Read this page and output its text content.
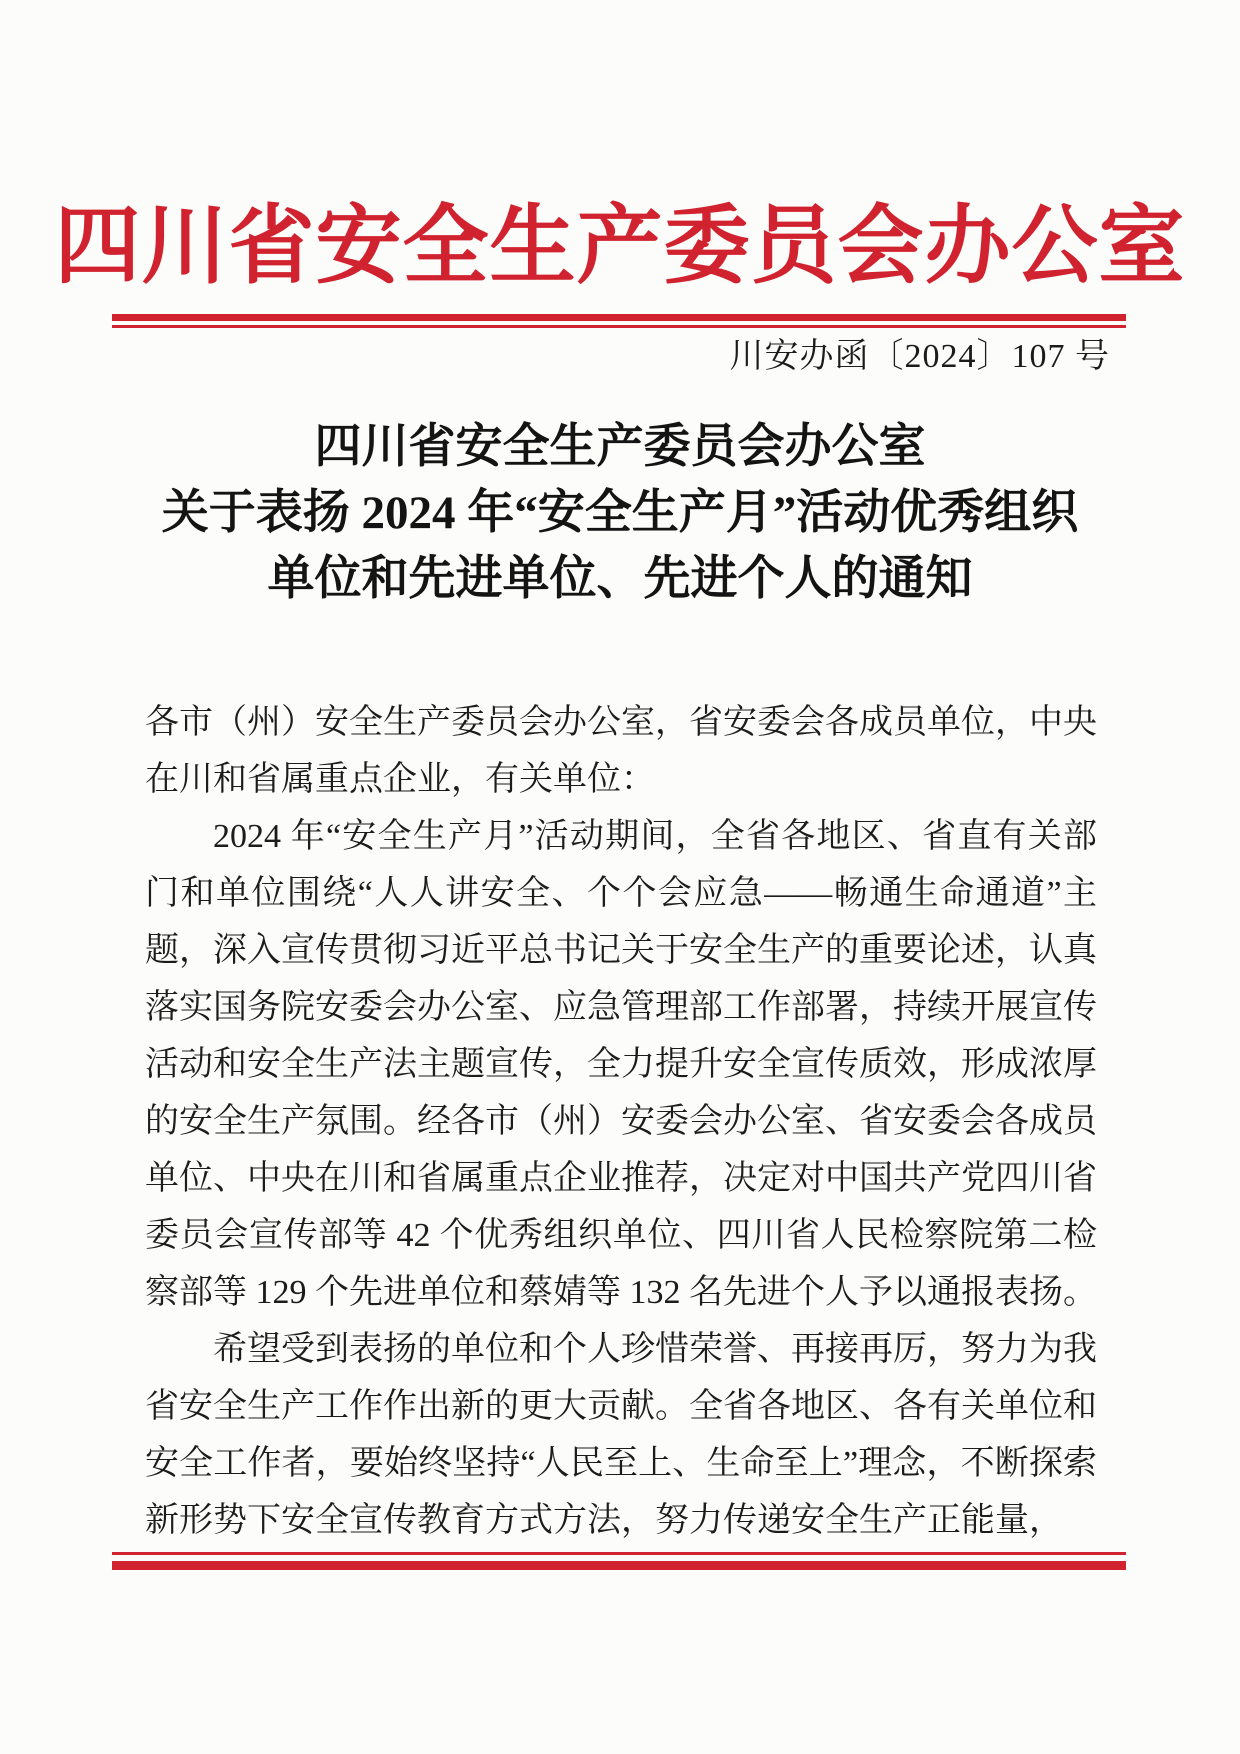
四川省安全生产委员会办公室
川安办函〔2024〕107 号
四川省安全生产委员会办公室
关于表扬 2024 年“安全生产月”活动优秀组织
单位和先进单位、先进个人的通知

各市（州）安全生产委员会办公室，省安委会各成员单位，中央在川和省属重点企业，有关单位：

2024 年“安全生产月”活动期间，全省各地区、省直有关部门和单位围绕“人人讲安全、个个会应急——畅通生命通道”主题，深入宣传贯彻习近平总书记关于安全生产的重要论述，认真落实国务院安委会办公室、应急管理部工作部署，持续开展宣传活动和安全生产法主题宣传，全力提升安全宣传质效，形成浓厚的安全生产氛围。经各市（州）安委会办公室、省安委会各成员单位、中央在川和省属重点企业推荐，决定对中国共产党四川省委员会宣传部等 42 个优秀组织单位、四川省人民检察院第二检察部等 129 个先进单位和蔡婧等 132 名先进个人予以通报表扬。

希望受到表扬的单位和个人珍惜荣誉、再接再厉，努力为我省安全生产工作作出新的更大贡献。全省各地区、各有关单位和安全工作者，要始终坚持“人民至上、生命至上”理念，不断探索新形势下安全宣传教育方式方法，努力传递安全生产正能量，
